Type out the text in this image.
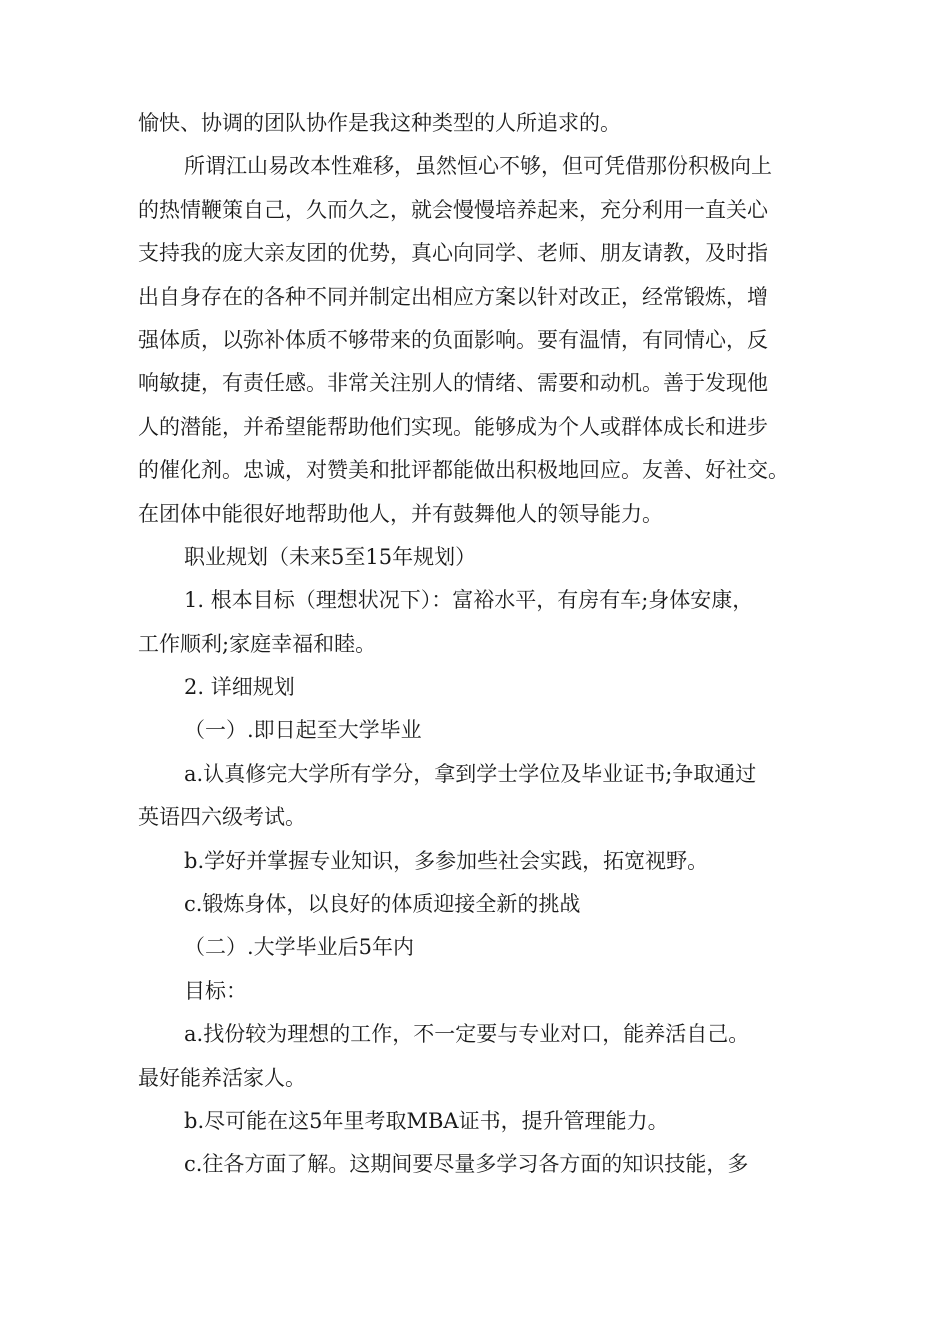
愉快、协调的团队协作是我这种类型的人所追求的。
所谓江山易改本性难移，虽然恒心不够，但可凭借那份积极向上
的热情鞭策自己，久而久之，就会慢慢培养起来，充分利用一直关心
支持我的庞大亲友团的优势，真心向同学、老师、朋友请教，及时指
出自身存在的各种不同并制定出相应方案以针对改正，经常锻炼，增
强体质，以弥补体质不够带来的负面影响。要有温情，有同情心，反
响敏捷，有责任感。非常关注别人的情绪、需要和动机。善于发现他
人的潜能，并希望能帮助他们实现。能够成为个人或群体成长和进步
的催化剂。忠诚，对赞美和批评都能做出积极地回应。友善、好社交。
在团体中能很好地帮助他人，并有鼓舞他人的领导能力。
职业规划（未来5至15年规划）
1. 根本目标（理想状况下）：富裕水平，有房有车;身体安康，
工作顺利;家庭幸福和睦。
2. 详细规划
（一）.即日起至大学毕业
a.认真修完大学所有学分，拿到学士学位及毕业证书;争取通过
英语四六级考试。
b.学好并掌握专业知识，多参加些社会实践，拓宽视野。
c.锻炼身体，以良好的体质迎接全新的挑战
（二）.大学毕业后5年内
目标：
a.找份较为理想的工作，不一定要与专业对口，能养活自己。
最好能养活家人。
b.尽可能在这5年里考取MBA证书，提升管理能力。
c.往各方面了解。这期间要尽量多学习各方面的知识技能，多
